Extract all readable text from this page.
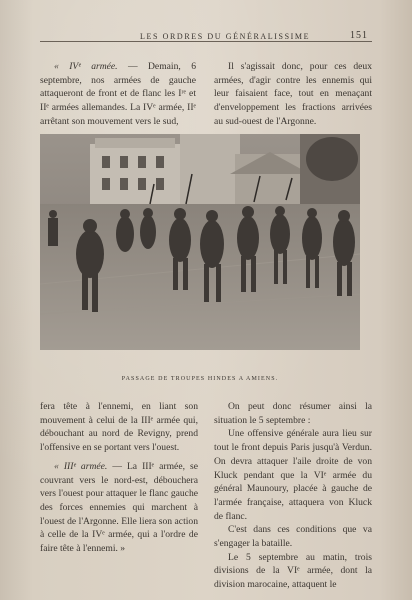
LES ORDRES DU GÉNÉRALISSIME	151

« IVᵉ armée. — Demain, 6 septembre, nos armées de gauche attaqueront de front et de flanc les Iʳᵉ et IIᵉ armées allemandes. La IVᵉ armée, IIᵉ arrêtant son mouvement vers le sud,

Il s'agissait donc, pour ces deux armées, d'agir contre les ennemis qui leur faisaient face, tout en menaçant d'enveloppement les fractions arrivées au sud-ouest de l'Argonne.

PASSAGE DE TROUPES HINDES A AMIENS.

fera tête à l'ennemi, en liant son mouvement à celui de la IIIᵉ armée qui, débouchant au nord de Revigny, prend l'offensive en se portant vers l'ouest.

« IIIᵉ armée. — La IIIᵉ armée, se couvrant vers le nord-est, débouchera vers l'ouest pour attaquer le flanc gauche des forces ennemies qui marchent à l'ouest de l'Argonne. Elle liera son action à celle de la IVᵉ armée, qui a l'ordre de faire tête à l'ennemi. »

On peut donc résumer ainsi la situation le 5 septembre :

Une offensive générale aura lieu sur tout le front depuis Paris jusqu'à Verdun. On devra attaquer l'aile droite de von Kluck pendant que la VIᵉ armée du général Maunoury, placée à gauche de l'armée française, attaquera von Kluck de flanc.

C'est dans ces conditions que va s'engager la bataille.

Le 5 septembre au matin, trois divisions de la VIᵉ armée, dont la division marocaine, attaquent le
